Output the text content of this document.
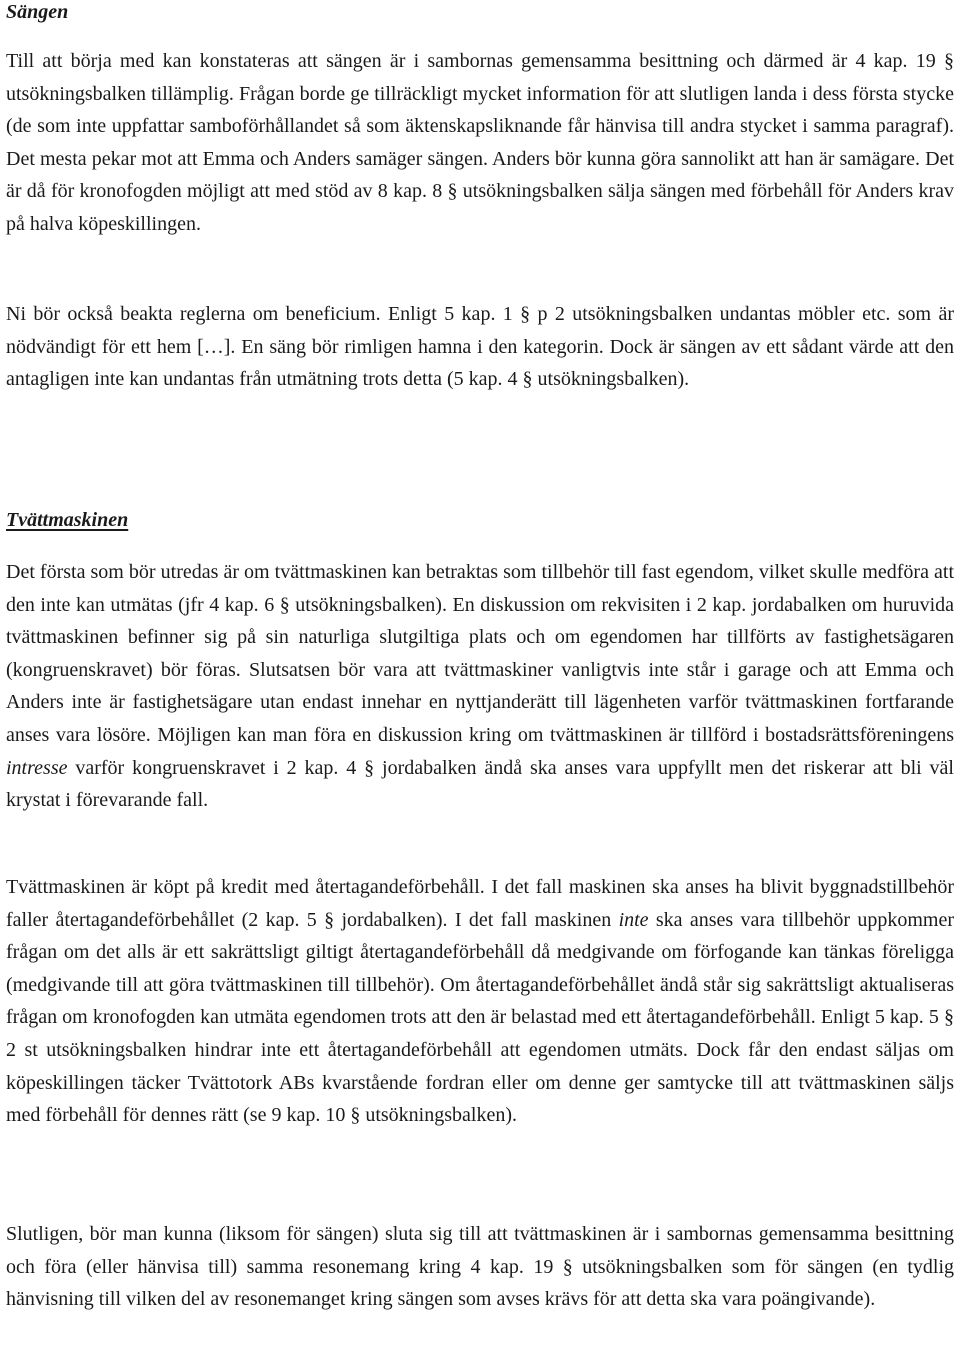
Sängen

Till att börja med kan konstateras att sängen är i sambornas gemensamma besittning och därmed är 4 kap. 19 § utsökningsbalken tillämplig. Frågan borde ge tillräckligt mycket information för att slutligen landa i dess första stycke (de som inte uppfattar samboförhållandet så som äktenskapsliknande får hänvisa till andra stycket i samma paragraf). Det mesta pekar mot att Emma och Anders samäger sängen. Anders bör kunna göra sannolikt att han är samägare. Det är då för kronofogden möjligt att med stöd av 8 kap. 8 § utsökningsbalken sälja sängen med förbehåll för Anders krav på halva köpeskillingen.

Ni bör också beakta reglerna om beneficium. Enligt 5 kap. 1 § p 2 utsökningsbalken undantas möbler etc. som är nödvändigt för ett hem […]. En säng bör rimligen hamna i den kategorin. Dock är sängen av ett sådant värde att den antagligen inte kan undantas från utmätning trots detta (5 kap. 4 § utsökningsbalken).

Tvättmaskinen

Det första som bör utredas är om tvättmaskinen kan betraktas som tillbehör till fast egendom, vilket skulle medföra att den inte kan utmätas (jfr 4 kap. 6 § utsökningsbalken). En diskussion om rekvisiten i 2 kap. jordabalken om huruvida tvättmaskinen befinner sig på sin naturliga slutgiltiga plats och om egendomen har tillförts av fastighetsägaren (kongruenskravet) bör föras. Slutsatsen bör vara att tvättmaskiner vanligtvis inte står i garage och att Emma och Anders inte är fastighetsägare utan endast innehar en nyttjanderätt till lägenheten varför tvättmaskinen fortfarande anses vara lösöre. Möjligen kan man föra en diskussion kring om tvättmaskinen är tillförd i bostadsrättsföreningens intresse varför kongruenskravet i 2 kap. 4 § jordabalken ändå ska anses vara uppfyllt men det riskerar att bli väl krystat i förevarande fall.

Tvättmaskinen är köpt på kredit med återtagandeförbehåll. I det fall maskinen ska anses ha blivit byggnadstillbehör faller återtagandeförbehållet (2 kap. 5 § jordabalken). I det fall maskinen inte ska anses vara tillbehör uppkommer frågan om det alls är ett sakrättsligt giltigt återtagandeförbehåll då medgivande om förfogande kan tänkas föreligga (medgivande till att göra tvättmaskinen till tillbehör). Om återtagandeförbehållet ändå står sig sakrättsligt aktualiseras frågan om kronofogden kan utmäta egendomen trots att den är belastad med ett återtagandeförbehåll. Enligt 5 kap. 5 § 2 st utsökningsbalken hindrar inte ett återtagandeförbehåll att egendomen utmäts. Dock får den endast säljas om köpeskillingen täcker Tvättotork ABs kvarstående fordran eller om denne ger samtycke till att tvättmaskinen säljs med förbehåll för dennes rätt (se 9 kap. 10 § utsökningsbalken).

Slutligen, bör man kunna (liksom för sängen) sluta sig till att tvättmaskinen är i sambornas gemensamma besittning och föra (eller hänvisa till) samma resonemang kring 4 kap. 19 § utsökningsbalken som för sängen (en tydlig hänvisning till vilken del av resonemanget kring sängen som avses krävs för att detta ska vara poängivande).
